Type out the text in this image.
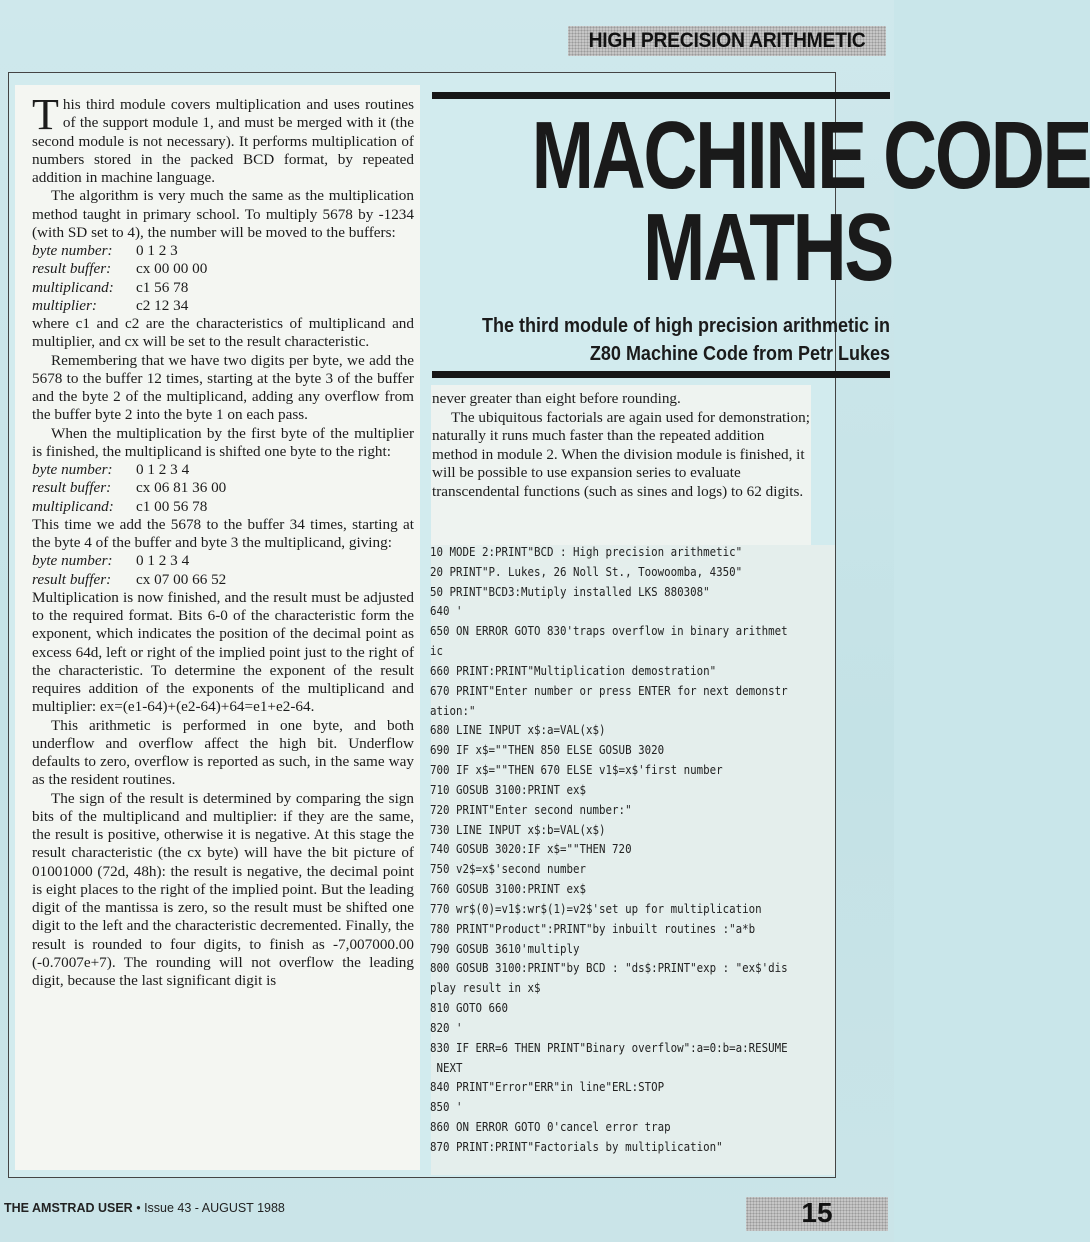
HIGH PRECISION ARITHMETIC

This third module covers multiplication and uses routines of the support module 1, and must be merged with it (the second module is not necessary). It performs multiplication of numbers stored in the packed BCD format, by repeated addition in machine language.

The algorithm is very much the same as the multiplication method taught in primary school. To multiply 5678 by -1234 (with SD set to 4), the number will be moved to the buffers:

byte number:	0 1 2 3
result buffer:	cx 00 00 00
multiplicand:	c1 56 78
multiplier:	c2 12 34

where c1 and c2 are the characteristics of multiplicand and multiplier, and cx will be set to the result characteristic.

Remembering that we have two digits per byte, we add the 5678 to the buffer 12 times, starting at the byte 3 of the buffer and the byte 2 of the multiplicand, adding any overflow from the buffer byte 2 into the byte 1 on each pass.

When the multiplication by the first byte of the multiplier is finished, the multiplicand is shifted one byte to the right:

byte number:	0 1 2 3 4
result buffer:	cx 06 81 36 00
multiplicand:	c1 00 56 78

This time we add the 5678 to the buffer 34 times, starting at the byte 4 of the buffer and byte 3 the multiplicand, giving:

byte number:	0 1 2 3 4
result buffer:	cx 07 00 66 52

Multiplication is now finished, and the result must be adjusted to the required format. Bits 6-0 of the characteristic form the exponent, which indicates the position of the decimal point as excess 64d, left or right of the implied point just to the right of the characteristic. To determine the exponent of the result requires addition of the exponents of the multiplicand and multiplier: ex=(e1-64)+(e2-64)+64=e1+e2-64.

This arithmetic is performed in one byte, and both underflow and overflow affect the high bit. Underflow defaults to zero, overflow is reported as such, in the same way as the resident routines.

The sign of the result is determined by comparing the sign bits of the multiplicand and multiplier: if they are the same, the result is positive, otherwise it is negative. At this stage the result characteristic (the cx byte) will have the bit picture of 01001000 (72d, 48h): the result is negative, the decimal point is eight places to the right of the implied point. But the leading digit of the mantissa is zero, so the result must be shifted one digit to the left and the characteristic decremented. Finally, the result is rounded to four digits, to finish as -7,007000.00 (-0.7007e+7). The rounding will not overflow the leading digit, because the last significant digit is

MACHINE CODE
MATHS
The third module of high precision arithmetic in
Z80 Machine Code from Petr Lukes

never greater than eight before rounding.

The ubiquitous factorials are again used for demonstration; naturally it runs much faster than the repeated addition method in module 2. When the division module is finished, it will be possible to use expansion series to evaluate transcendental functions (such as sines and logs) to 62 digits.

10 MODE 2:PRINT"BCD : High precision arithmetic"
20 PRINT"P. Lukes, 26 Noll St., Toowoomba, 4350"
50 PRINT"BCD3:Mutiply installed LKS 880308"
640 '
650 ON ERROR GOTO 830'traps overflow in binary arithmet
ic
660 PRINT:PRINT"Multiplication demostration"
670 PRINT"Enter number or press ENTER for next demonstr
ation:"
680 LINE INPUT x$:a=VAL(x$)
690 IF x$=""THEN 850 ELSE GOSUB 3020
700 IF x$=""THEN 670 ELSE v1$=x$'first number
710 GOSUB 3100:PRINT ex$
720 PRINT"Enter second number:"
730 LINE INPUT x$:b=VAL(x$)
740 GOSUB 3020:IF x$=""THEN 720
750 v2$=x$'second number
760 GOSUB 3100:PRINT ex$
770 wr$(0)=v1$:wr$(1)=v2$'set up for multiplication
780 PRINT"Product":PRINT"by inbuilt routines :"a*b
790 GOSUB 3610'multiply
800 GOSUB 3100:PRINT"by BCD : "ds$:PRINT"exp : "ex$'dis
play result in x$
810 GOTO 660
820 '
830 IF ERR=6 THEN PRINT"Binary overflow":a=0:b=a:RESUME
NEXT
840 PRINT"Error"ERR"in line"ERL:STOP
850 '
860 ON ERROR GOTO 0'cancel error trap
870 PRINT:PRINT"Factorials by multiplication"
THE AMSTRAD USER • Issue 43 - AUGUST 1988	15
